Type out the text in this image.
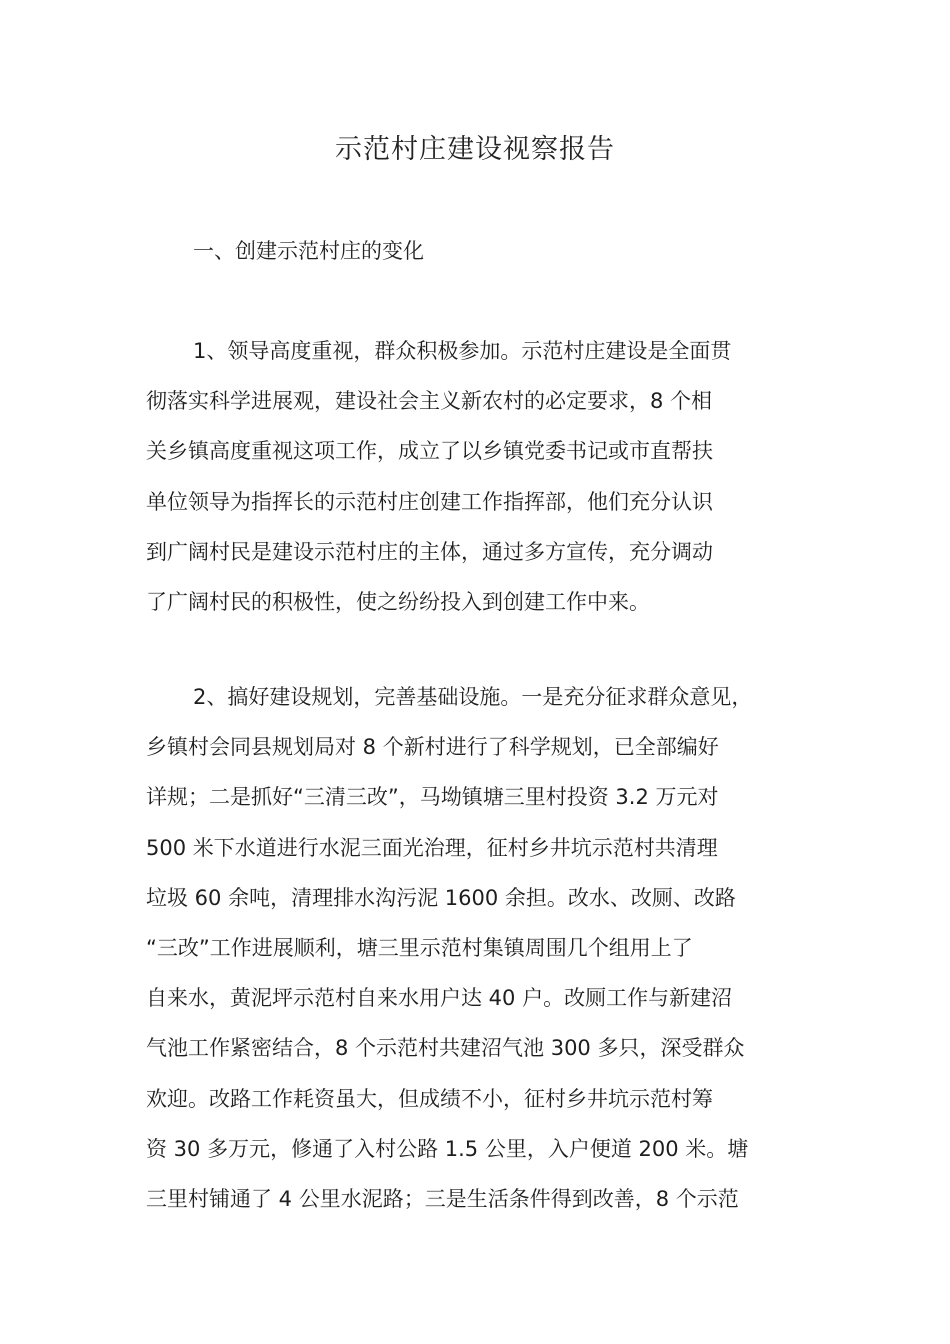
示范村庄建设视察报告
一、创建示范村庄的变化
1、领导高度重视，群众积极参加。示范村庄建设是全面贯
彻落实科学进展观，建设社会主义新农村的必定要求，8 个相
关乡镇高度重视这项工作，成立了以乡镇党委书记或市直帮扶
单位领导为指挥长的示范村庄创建工作指挥部，他们充分认识
到广阔村民是建设示范村庄的主体，通过多方宣传，充分调动
了广阔村民的积极性，使之纷纷投入到创建工作中来。
2、搞好建设规划，完善基础设施。一是充分征求群众意见，
乡镇村会同县规划局对 8 个新村进行了科学规划，已全部编好
详规；二是抓好“三清三改”，马坳镇塘三里村投资 3.2 万元对
500 米下水道进行水泥三面光治理，征村乡井坑示范村共清理
垃圾 60 余吨，清理排水沟污泥 1600 余担。改水、改厕、改路
“三改”工作进展顺利，塘三里示范村集镇周围几个组用上了
自来水，黄泥坪示范村自来水用户达 40 户。改厕工作与新建沼
气池工作紧密结合，8 个示范村共建沼气池 300 多只，深受群众
欢迎。改路工作耗资虽大，但成绩不小，征村乡井坑示范村筹
资 30 多万元，修通了入村公路 1.5 公里，入户便道 200 米。塘
三里村铺通了 4 公里水泥路；三是生活条件得到改善，8 个示范
